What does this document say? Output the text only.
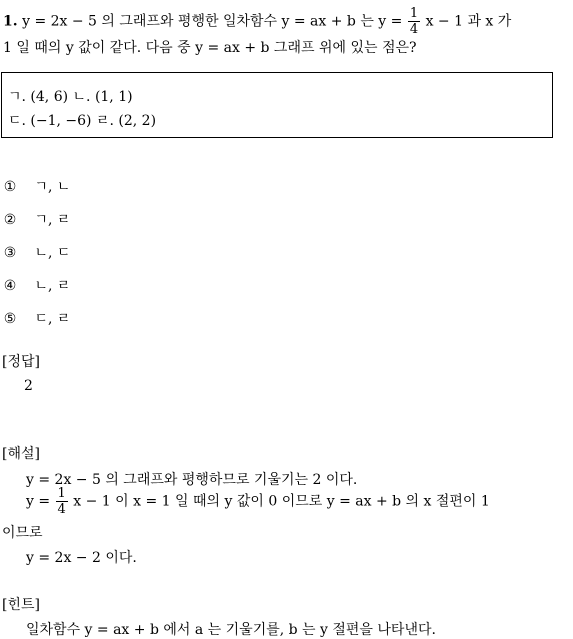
1. y = 2x − 5 의 그래프와 평행한 일차함수 y = ax + b 는 $y = \frac{1}{4}$ x − 1 과 x 가
1 일 때의 y 값이 같다. 다음 중 y = ax + b 그래프 위에 있는 점은?
ㄱ. (4, 6) ㄴ. (1, 1)
ㄷ. (−1, −6) ㄹ. (2, 2)
① ㄱ, ㄴ
② ㄱ, ㄹ
③ ㄴ, ㄷ
④ ㄴ, ㄹ
⑤ ㄷ, ㄹ
[정답]
2
[해설]
y = 2x − 5 의 그래프와 평행하므로 기울기는 2 이다.
$y = \frac{1}{4}$ x − 1 이 x = 1 일 때의 y 값이 0 이므로 y = ax + b 의 x 절편이 1
이므로
y = 2x − 2 이다.
[힌트]
일차함수 y = ax + b 에서 a 는 기울기를, b 는 y 절편을 나타낸다.
